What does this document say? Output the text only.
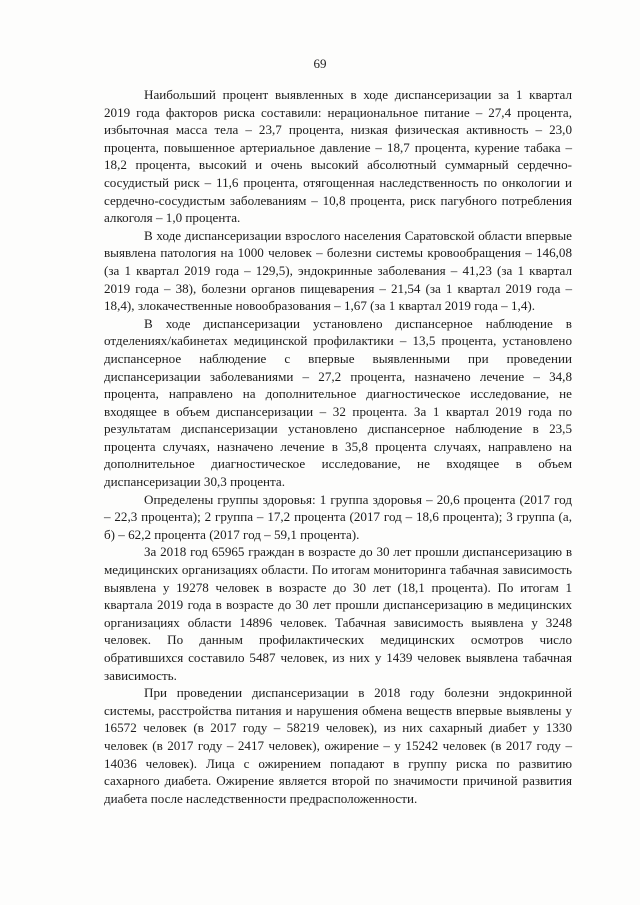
69

Наибольший процент выявленных в ходе диспансеризации за 1 квартал 2019 года факторов риска составили: нерациональное питание – 27,4 процента, избыточная масса тела – 23,7 процента, низкая физическая активность – 23,0 процента, повышенное артериальное давление – 18,7 процента, курение табака – 18,2 процента, высокий и очень высокий абсолютный суммарный сердечно-сосудистый риск – 11,6 процента, отягощенная наследственность по онкологии и сердечно-сосудистым заболеваниям – 10,8 процента, риск пагубного потребления алкоголя – 1,0 процента.

В ходе диспансеризации взрослого населения Саратовской области впервые выявлена патология на 1000 человек – болезни системы кровообращения – 146,08 (за 1 квартал 2019 года – 129,5), эндокринные заболевания – 41,23 (за 1 квартал 2019 года – 38), болезни органов пищеварения – 21,54 (за 1 квартал 2019 года – 18,4), злокачественные новообразования – 1,67 (за 1 квартал 2019 года – 1,4).

В ходе диспансеризации установлено диспансерное наблюдение в отделениях/кабинетах медицинской профилактики – 13,5 процента, установлено диспансерное наблюдение с впервые выявленными при проведении диспансеризации заболеваниями – 27,2 процента, назначено лечение – 34,8 процента, направлено на дополнительное диагностическое исследование, не входящее в объем диспансеризации – 32 процента. За 1 квартал 2019 года по результатам диспансеризации установлено диспансерное наблюдение в 23,5 процента случаях, назначено лечение в 35,8 процента случаях, направлено на дополнительное диагностическое исследование, не входящее в объем диспансеризации 30,3 процента.

Определены группы здоровья: 1 группа здоровья – 20,6 процента (2017 год – 22,3 процента); 2 группа – 17,2 процента (2017 год – 18,6 процента); 3 группа (а, б) – 62,2 процента (2017 год – 59,1 процента).

За 2018 год 65965 граждан в возрасте до 30 лет прошли диспансеризацию в медицинских организациях области. По итогам мониторинга табачная зависимость выявлена у 19278 человек в возрасте до 30 лет (18,1 процента). По итогам 1 квартала 2019 года в возрасте до 30 лет прошли диспансеризацию в медицинских организациях области 14896 человек. Табачная зависимость выявлена у 3248 человек. По данным профилактических медицинских осмотров число обратившихся составило 5487 человек, из них у 1439 человек выявлена табачная зависимость.

При проведении диспансеризации в 2018 году болезни эндокринной системы, расстройства питания и нарушения обмена веществ впервые выявлены у 16572 человек (в 2017 году – 58219 человек), из них сахарный диабет у 1330 человек (в 2017 году – 2417 человек), ожирение – у 15242 человек (в 2017 году – 14036 человек). Лица с ожирением попадают в группу риска по развитию сахарного диабета. Ожирение является второй по значимости причиной развития диабета после наследственности предрасположенности.
